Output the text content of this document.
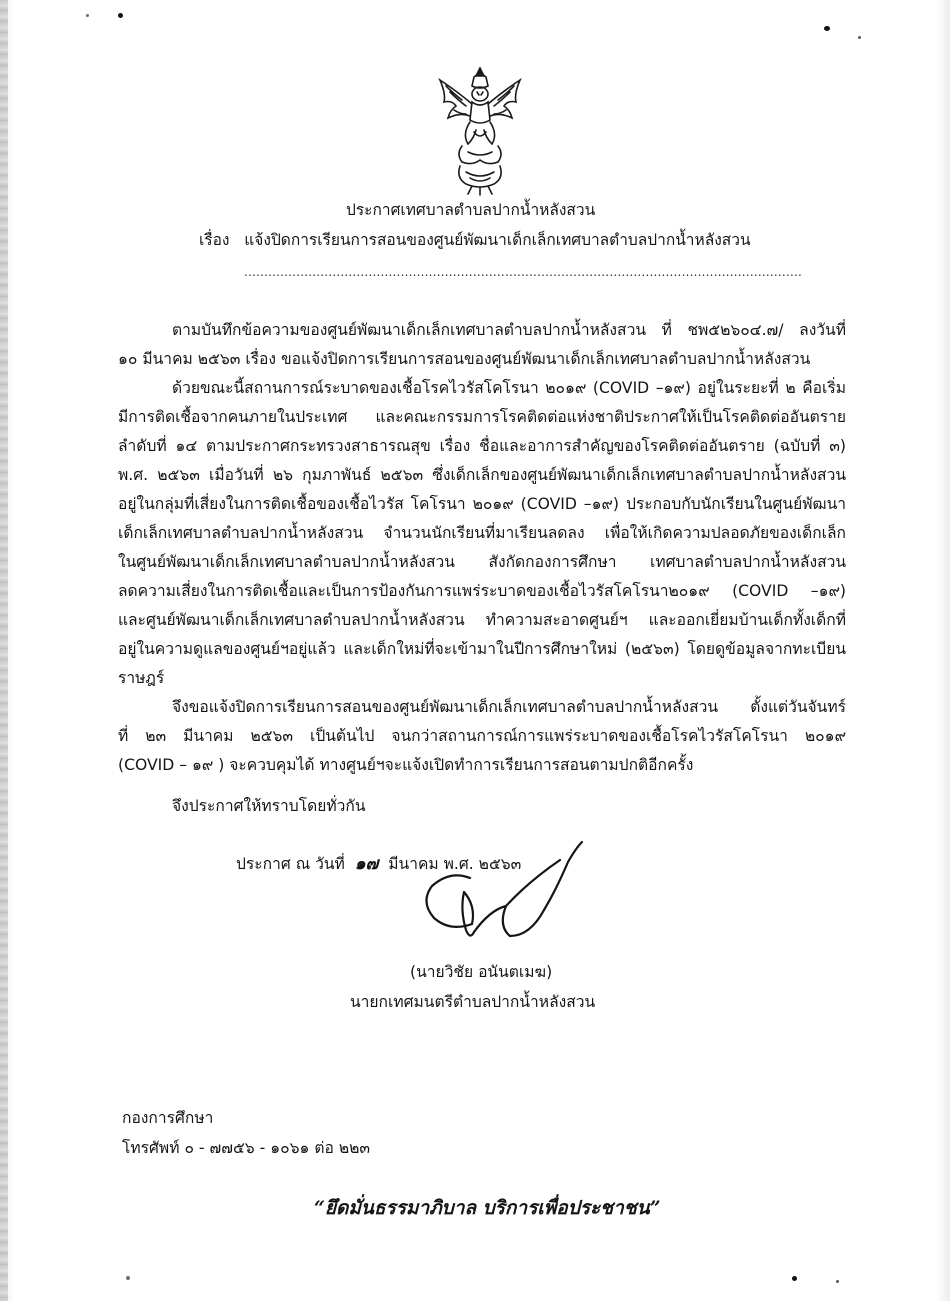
ประกาศเทศบาลตำบลปากน้ำหลังสวน
เรื่อง แจ้งปิดการเรียนการสอนของศูนย์พัฒนาเด็กเล็กเทศบาลตำบลปากน้ำหลังสวน
...........................................................................................................................................
ตามบันทึกข้อความของศูนย์พัฒนาเด็กเล็กเทศบาลตำบลปากน้ำหลังสวน ที่ ชพ๕๒๖๐๔.๗/ ลงวันที่
๑๐ มีนาคม ๒๕๖๓ เรื่อง ขอแจ้งปิดการเรียนการสอนของศูนย์พัฒนาเด็กเล็กเทศบาลตำบลปากน้ำหลังสวน
ด้วยขณะนี้สถานการณ์ระบาดของเชื้อโรคไวรัสโคโรนา ๒๐๑๙ (COVID –๑๙) อยู่ในระยะที่ ๒ คือเริ่ม
มีการติดเชื้อจากคนภายในประเทศ และคณะกรรมการโรคติดต่อแห่งชาติประกาศให้เป็นโรคติดต่ออันตราย
ลำดับที่ ๑๔ ตามประกาศกระทรวงสาธารณสุข เรื่อง ชื่อและอาการสำคัญของโรคติดต่ออันตราย (ฉบับที่ ๓)
พ.ศ. ๒๕๖๓ เมื่อวันที่ ๒๖ กุมภาพันธ์ ๒๕๖๓ ซึ่งเด็กเล็กของศูนย์พัฒนาเด็กเล็กเทศบาลตำบลปากน้ำหลังสวน
อยู่ในกลุ่มที่เสี่ยงในการติดเชื้อของเชื้อไวรัส โคโรนา ๒๐๑๙ (COVID –๑๙) ประกอบกับนักเรียนในศูนย์พัฒนา
เด็กเล็กเทศบาลตำบลปากน้ำหลังสวน จำนวนนักเรียนที่มาเรียนลดลง เพื่อให้เกิดความปลอดภัยของเด็กเล็ก
ในศูนย์พัฒนาเด็กเล็กเทศบาลตำบลปากน้ำหลังสวน สังกัดกองการศึกษา เทศบาลตำบลปากน้ำหลังสวน
ลดความเสี่ยงในการติดเชื้อและเป็นการป้องกันการแพร่ระบาดของเชื้อไวรัสโคโรนา๒๐๑๙ (COVID –๑๙)
และศูนย์พัฒนาเด็กเล็กเทศบาลตำบลปากน้ำหลังสวน ทำความสะอาดศูนย์ฯ และออกเยี่ยมบ้านเด็กทั้งเด็กที่
อยู่ในความดูแลของศูนย์ฯอยู่แล้ว และเด็กใหม่ที่จะเข้ามาในปีการศึกษาใหม่ (๒๕๖๓) โดยดูข้อมูลจากทะเบียน
ราษฎร์
จึงขอแจ้งปิดการเรียนการสอนของศูนย์พัฒนาเด็กเล็กเทศบาลตำบลปากน้ำหลังสวน ตั้งแต่วันจันทร์
ที่ ๒๓ มีนาคม ๒๕๖๓ เป็นต้นไป จนกว่าสถานการณ์การแพร่ระบาดของเชื้อโรคไวรัสโคโรนา ๒๐๑๙
(COVID – ๑๙ ) จะควบคุมได้ ทางศูนย์ฯจะแจ้งเปิดทำการเรียนการสอนตามปกติอีกครั้ง
จึงประกาศให้ทราบโดยทั่วกัน
ประกาศ ณ วันที่ ๑๗ มีนาคม พ.ศ. ๒๕๖๓
(นายวิชัย อนันตเมฆ)
นายกเทศมนตรีตำบลปากน้ำหลังสวน
กองการศึกษา
โทรศัพท์ ๐ - ๗๗๕๖ - ๑๐๖๑ ต่อ ๒๒๓
“ยึดมั่นธรรมาภิบาล บริการเพื่อประชาชน”
